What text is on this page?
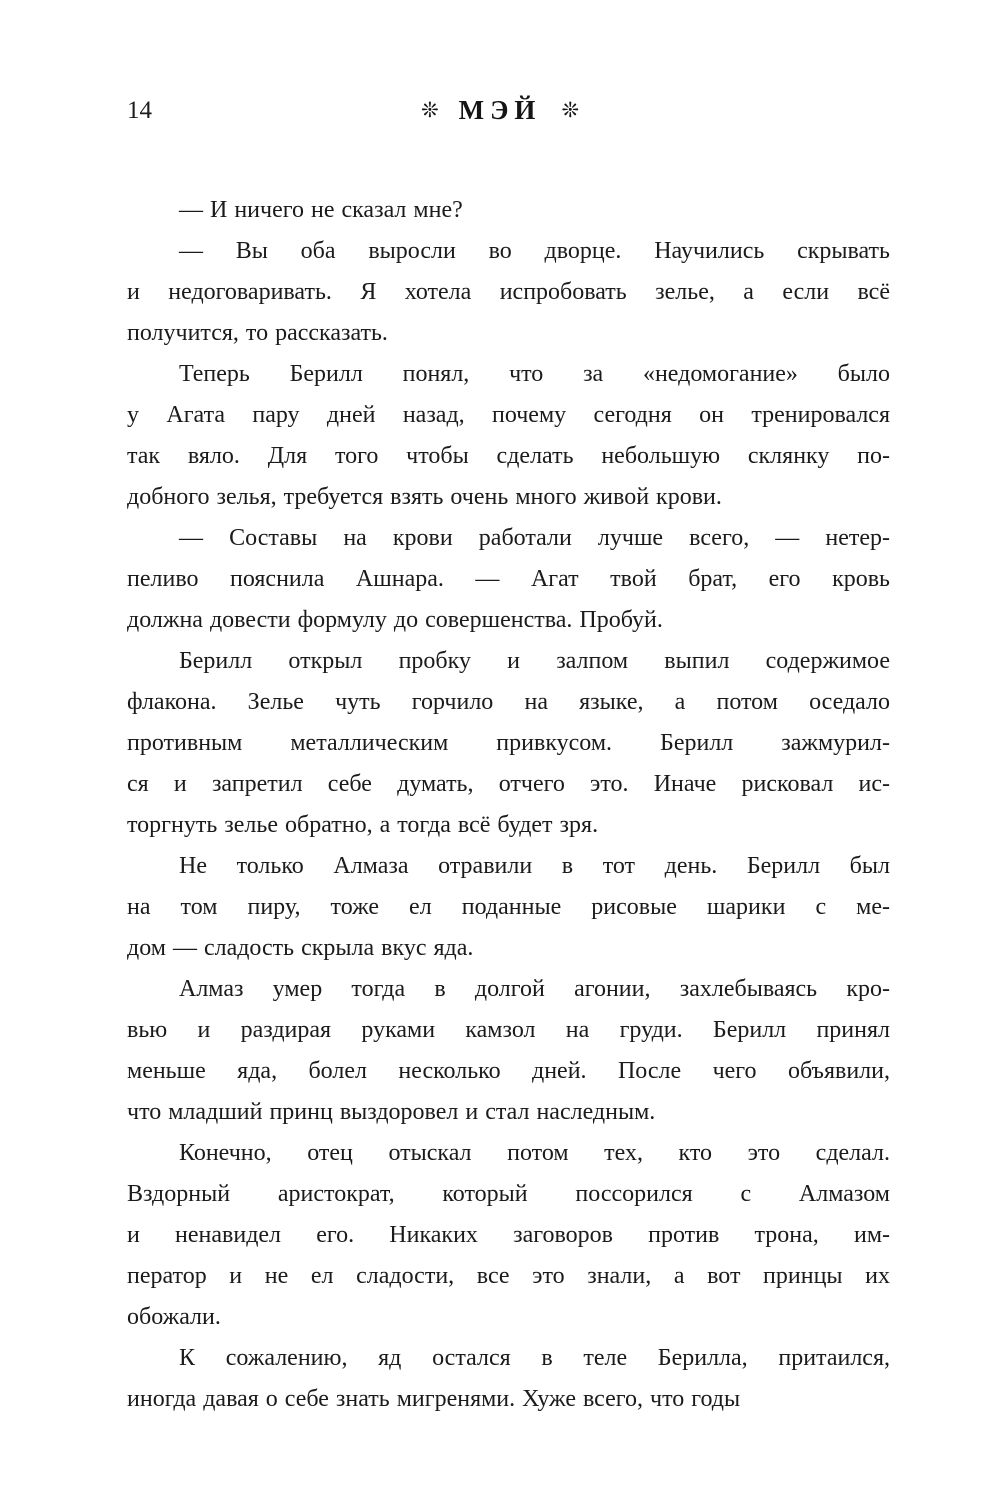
14	❊ МЭЙ ❊
— И ничего не сказал мне?
— Вы оба выросли во дворце. Научились скрывать
и недоговаривать. Я хотела испробовать зелье, а если всё
получится, то рассказать.
Теперь Берилл понял, что за «недомогание» было
у Агата пару дней назад, почему сегодня он тренировался
так вяло. Для того чтобы сделать небольшую склянку по-
добного зелья, требуется взять очень много живой крови.
— Составы на крови работали лучше всего, — нетер-
пеливо пояснила Ашнара. — Агат твой брат, его кровь
должна довести формулу до совершенства. Пробуй.
Берилл открыл пробку и залпом выпил содержимое
флакона. Зелье чуть горчило на языке, а потом оседало
противным металлическим привкусом. Берилл зажмурил-
ся и запретил себе думать, отчего это. Иначе рисковал ис-
торгнуть зелье обратно, а тогда всё будет зря.
Не только Алмаза отравили в тот день. Берилл был
на том пиру, тоже ел поданные рисовые шарики с ме-
дом — сладость скрыла вкус яда.
Алмаз умер тогда в долгой агонии, захлебываясь кро-
вью и раздирая руками камзол на груди. Берилл принял
меньше яда, болел несколько дней. После чего объявили,
что младший принц выздоровел и стал наследным.
Конечно, отец отыскал потом тех, кто это сделал.
Вздорный аристократ, который поссорился с Алмазом
и ненавидел его. Никаких заговоров против трона, им-
ператор и не ел сладости, все это знали, а вот принцы их
обожали.
К сожалению, яд остался в теле Берилла, притаился,
иногда давая о себе знать мигренями. Хуже всего, что годы
